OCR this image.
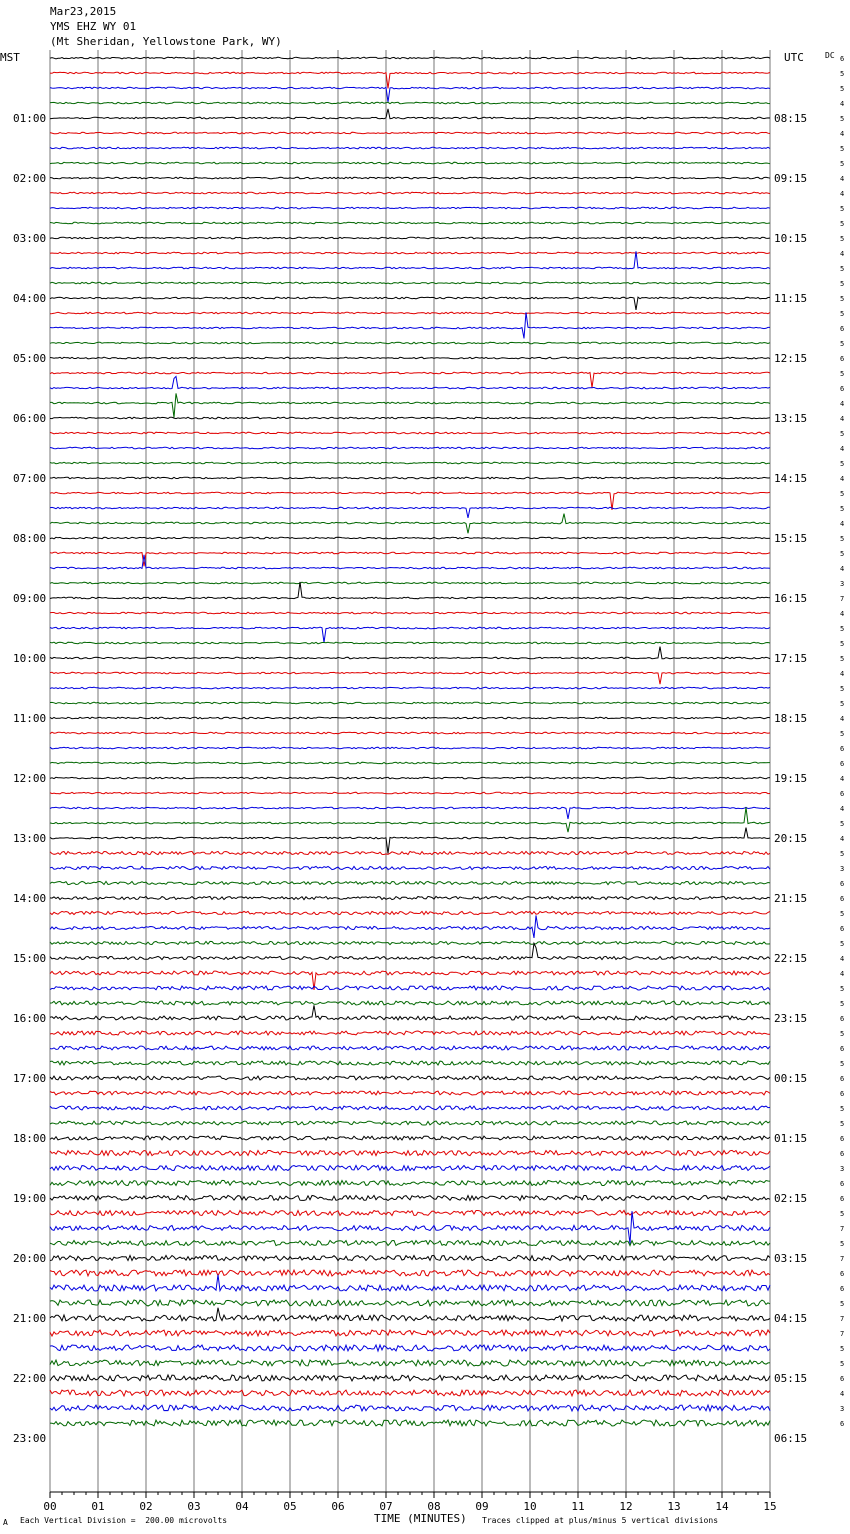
6
5
5
4
5
4
5
5
4
4
5
5
5
4
5
5
5
5
6
5
6
5
6
4
4
5
4
5
4
5
5
4
5
5
4
3
7
4
5
5
5
4
5
5
4
5
6
6
4
6
4
5
4
5
3
6
6
5
6
5
4
4
5
5
6
5
6
5
6
6
5
5
6
6
3
6
6
5
7
5
7
6
6
5
7
7
5
5
6
4
3
6
01:00
02:00
03:00
04:00
05:00
06:00
07:00
08:00
09:00
10:00
11:00
12:00
13:00
14:00
15:00
16:00
17:00
18:00
19:00
20:00
21:00
22:00
23:00
08:15
09:15
10:15
11:15
12:15
13:15
14:15
15:15
16:15
17:15
18:15
19:15
20:15
21:15
22:15
23:15
00:15
01:15
02:15
03:15
04:15
05:15
06:15
00	01	02	03	04	05	06	07	08	09	10	11	12	13	14	15
Mar23,2015
YMS EHZ WY 01
(Mt Sheridan, Yellowstone Park, WY)
MST	UTC	DC
TIME (MINUTES)
A Each Vertical Division =  200.00 microvolts	Traces clipped at plus/minus 5 vertical divisions
